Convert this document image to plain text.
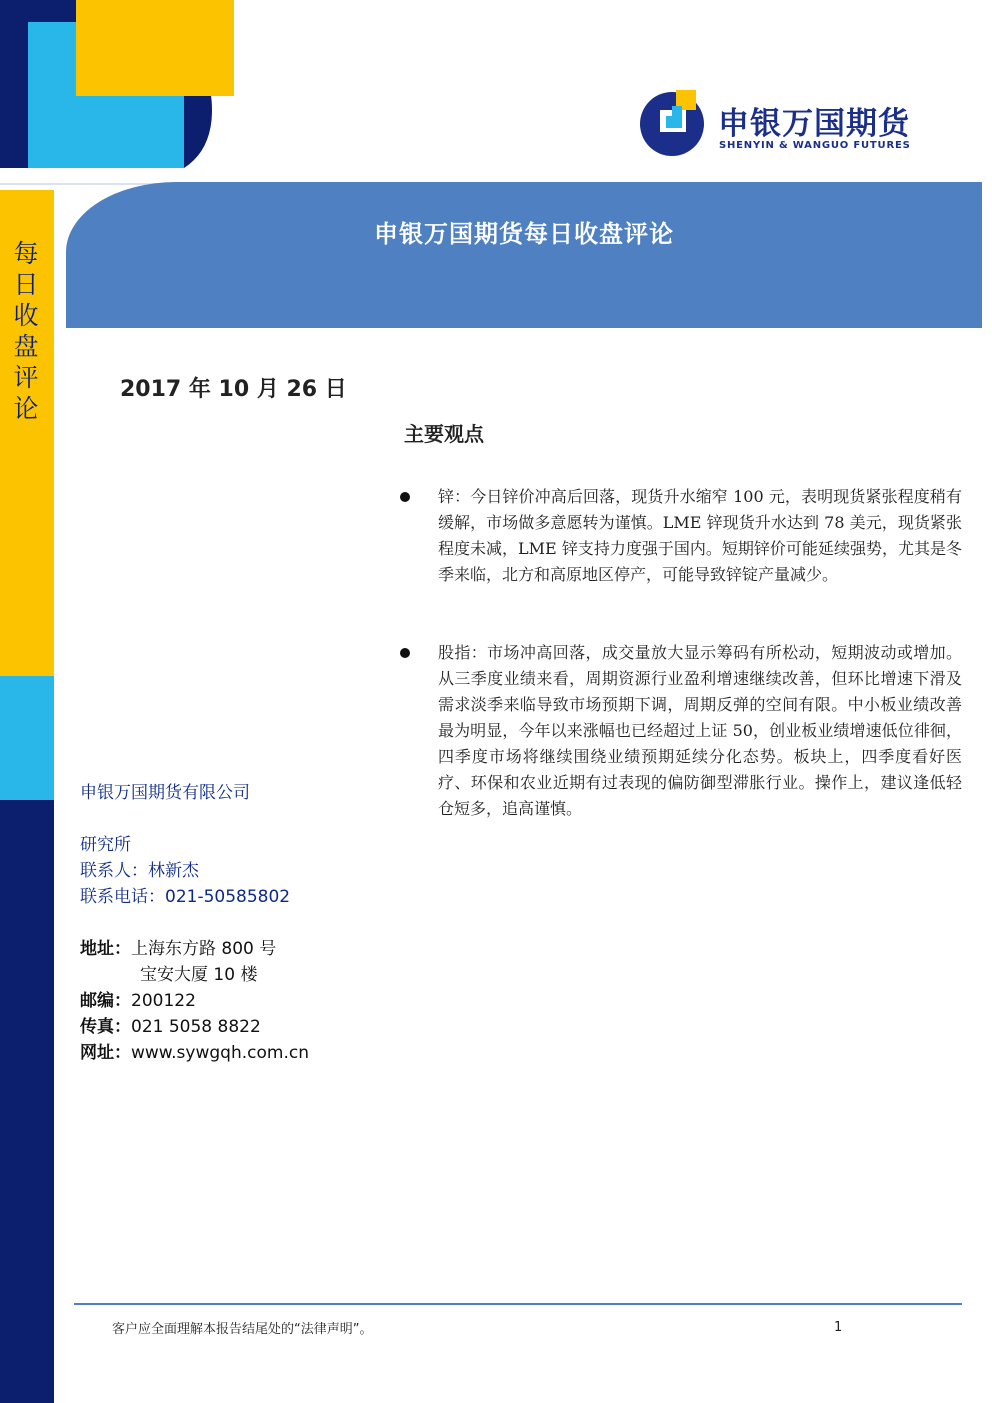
申银万国期货
SHENYIN & WANGUO FUTURES
每日收盘评论
申银万国期货每日收盘评论
2017 年 10 月 26 日
主要观点
锌：今日锌价冲高后回落，现货升水缩窄 100 元，表明现货紧张程度稍有缓解，市场做多意愿转为谨慎。LME 锌现货升水达到 78 美元，现货紧张程度未减，LME 锌支持力度强于国内。短期锌价可能延续强势，尤其是冬季来临，北方和高原地区停产，可能导致锌锭产量减少。
股指：市场冲高回落，成交量放大显示筹码有所松动，短期波动或增加。从三季度业绩来看，周期资源行业盈利增速继续改善，但环比增速下滑及需求淡季来临导致市场预期下调，周期反弹的空间有限。中小板业绩改善最为明显，今年以来涨幅也已经超过上证 50，创业板业绩增速低位徘徊，四季度市场将继续围绕业绩预期延续分化态势。板块上，四季度看好医疗、环保和农业近期有过表现的偏防御型滞胀行业。操作上，建议逢低轻仓短多，追高谨慎。
申银万国期货有限公司
研究所
联系人：林新杰
联系电话：021-50585802
地址：上海东方路 800 号
宝安大厦 10 楼
邮编：200122
传真：021 5058 8822
网址：www.sywgqh.com.cn
客户应全面理解本报告结尾处的“法律声明”。	1
